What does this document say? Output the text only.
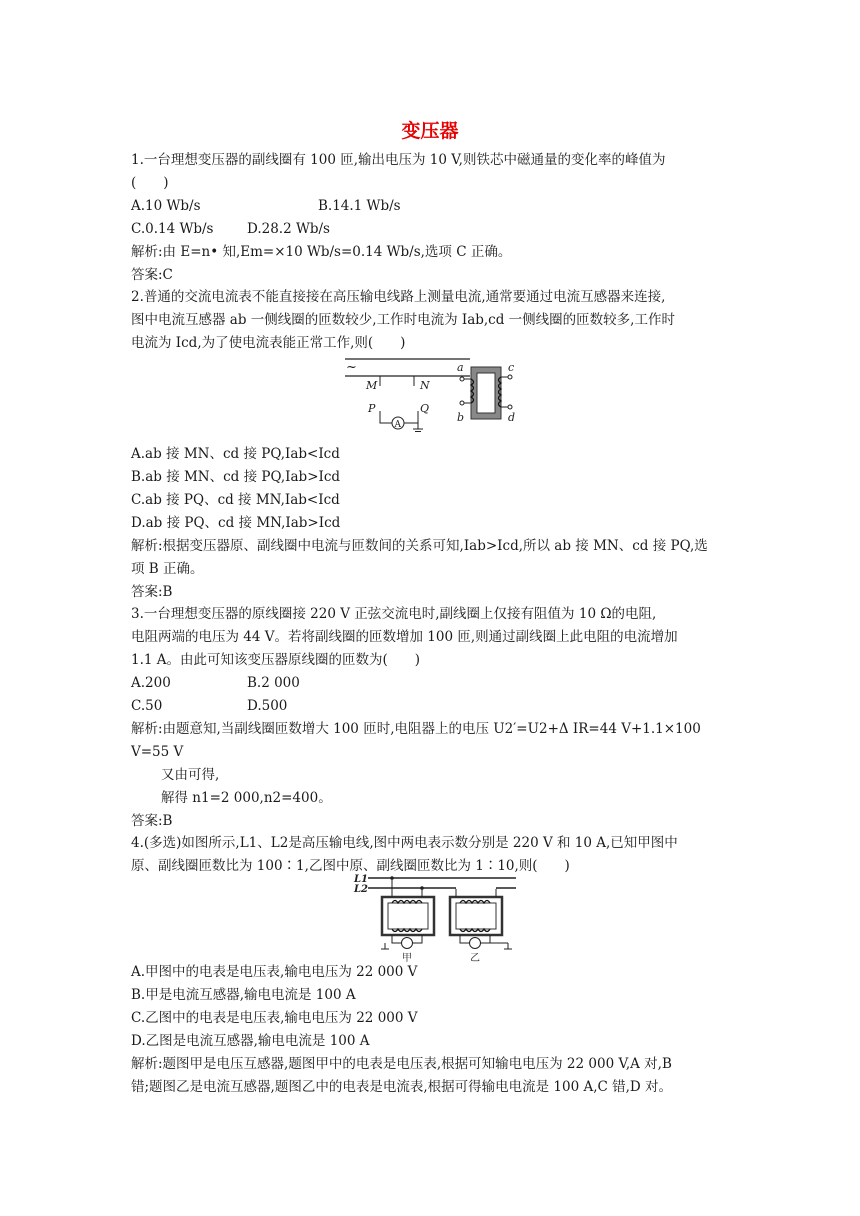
变压器
1.一台理想变压器的副线圈有 100 匝,输出电压为 10 V,则铁芯中磁通量的变化率的峰值为
(　　)
A.10 Wb/s	B.14.1 Wb/s
C.0.14 Wb/s D.28.2 Wb/s
解析:由 E=n• 知,Em=×10 Wb/s=0.14 Wb/s,选项 C 正确。
答案:C
2.普通的交流电流表不能直接接在高压输电线路上测量电流,通常要通过电流互感器来连接,
图中电流互感器 ab 一侧线圈的匝数较少,工作时电流为 Iab,cd 一侧线圈的匝数较多,工作时
电流为 Icd,为了使电流表能正常工作,则(　　)
~
M	N
P	Q
A
a
b
c
d
A.ab 接 MN、cd 接 PQ,Iab<Icd
B.ab 接 MN、cd 接 PQ,Iab>Icd
C.ab 接 PQ、cd 接 MN,Iab<Icd
D.ab 接 PQ、cd 接 MN,Iab>Icd
解析:根据变压器原、副线圈中电流与匝数间的关系可知,Iab>Icd,所以 ab 接 MN、cd 接 PQ,选
项 B 正确。
答案:B
3.一台理想变压器的原线圈接 220 V 正弦交流电时,副线圈上仅接有阻值为 10 Ω的电阻,
电阻两端的电压为 44 V。若将副线圈的匝数增加 100 匝,则通过副线圈上此电阻的电流增加
1.1 A。由此可知该变压器原线圈的匝数为(　　)
A.200	B.2 000
C.50	D.500
解析:由题意知,当副线圈匝数增大 100 匝时,电阻器上的电压 U2′=U2+Δ IR=44 V+1.1×100
V=55 V
又由可得,
解得 n1=2 000,n2=400。
答案:B
4.(多选)如图所示,L1、L2是高压输电线,图中两电表示数分别是 220 V 和 10 A,已知甲图中
原、副线圈匝数比为 100∶1,乙图中原、副线圈匝数比为 1∶10,则(　　)
L1
L2
甲	乙
A.甲图中的电表是电压表,输电电压为 22 000 V
B.甲是电流互感器,输电电流是 100 A
C.乙图中的电表是电压表,输电电压为 22 000 V
D.乙图是电流互感器,输电电流是 100 A
解析:题图甲是电压互感器,题图甲中的电表是电压表,根据可知输电电压为 22 000 V,A 对,B
错;题图乙是电流互感器,题图乙中的电表是电流表,根据可得输电电流是 100 A,C 错,D 对。
